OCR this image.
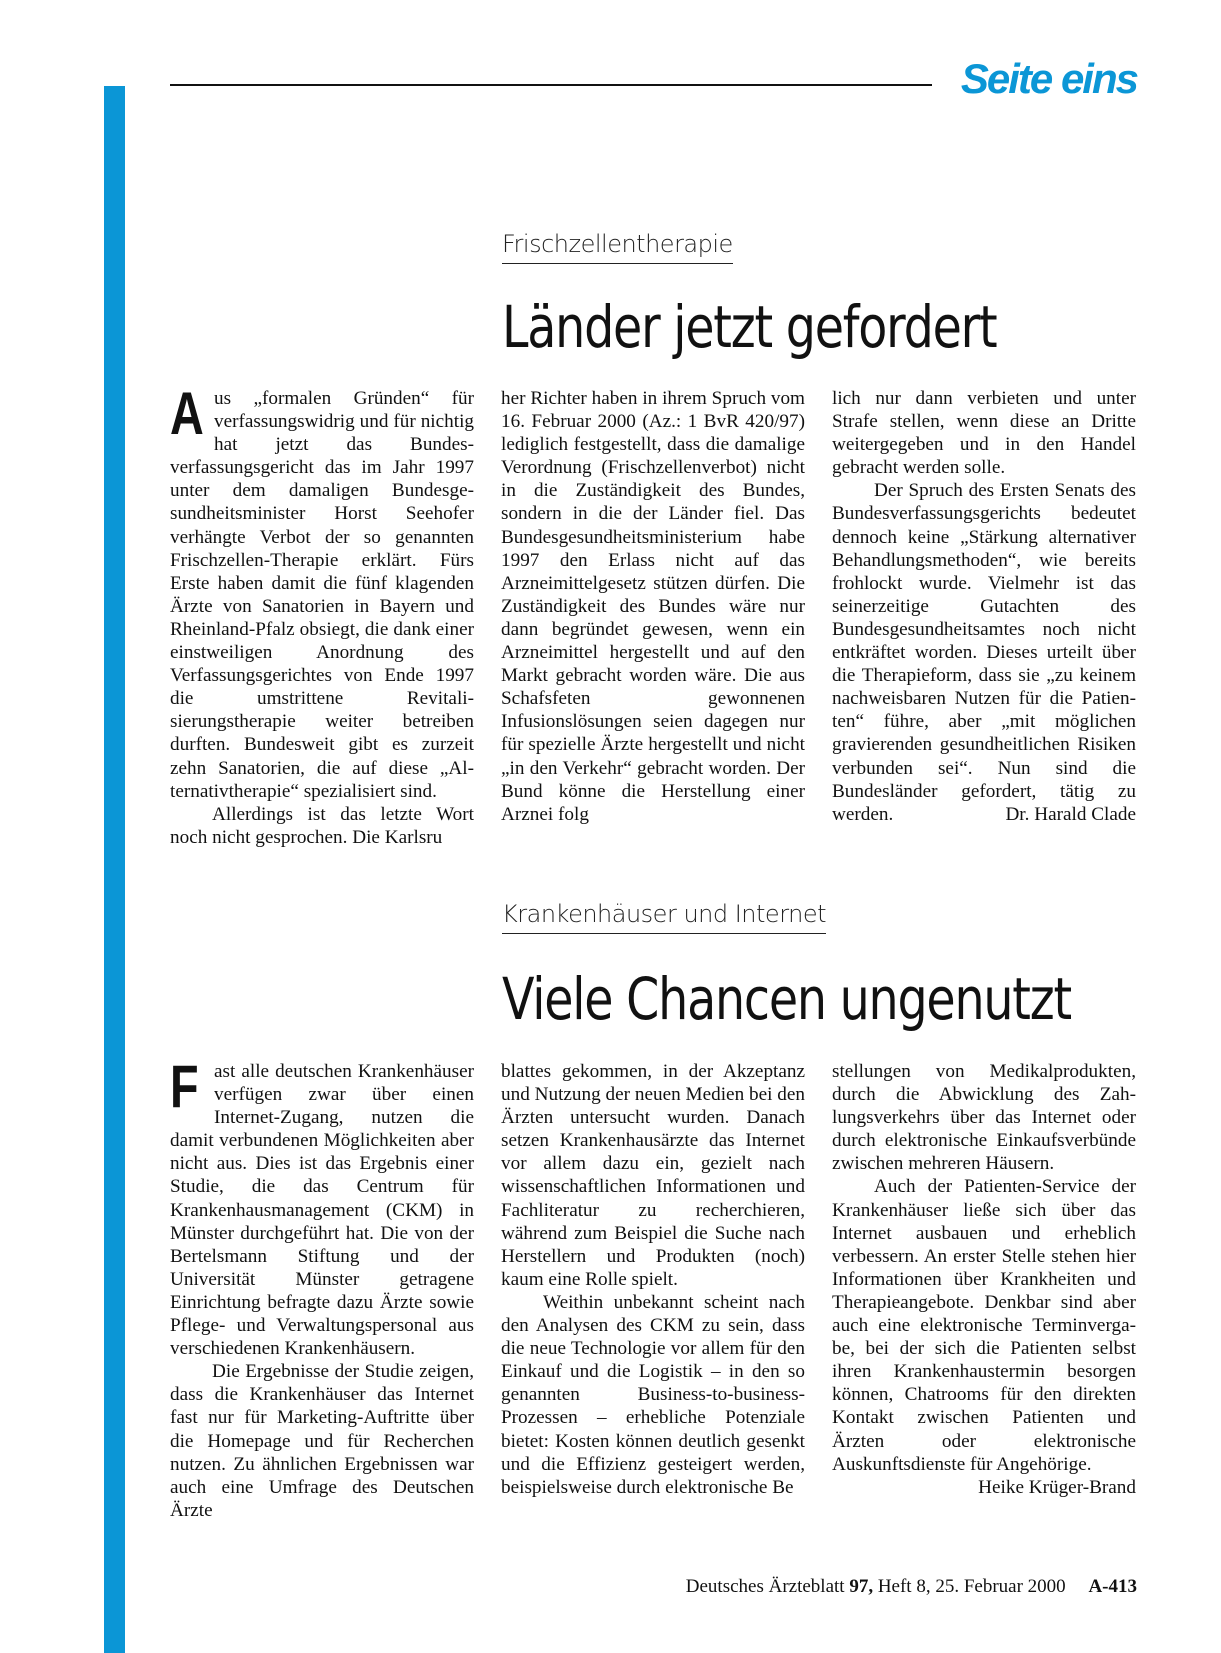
Seite eins
Frischzellentherapie
Länder jetzt gefordert

Aus „formalen Gründen“ für verfassungswidrig und für nichtig hat jetzt das Bundesverfassungsgericht das im Jahr 1997 unter dem damaligen Bundesgesundheitsminister Horst Seehofer verhängte Verbot der so genannten Frischzellen-Therapie erklärt. Fürs Erste haben damit die fünf klagenden Ärzte von Sanatorien in Bayern und Rheinland-Pfalz obsiegt, die dank einer einstweiligen Anordnung des Verfassungsgerichtes von Ende 1997 die umstrittene Revitalisierungstherapie weiter betreiben durften. Bundesweit gibt es zurzeit zehn Sanatorien, die auf diese „Alternativtherapie“ spezialisiert sind.

Allerdings ist das letzte Wort noch nicht gesprochen. Die Karlsru

her Richter haben in ihrem Spruch vom 16. Februar 2000 (Az.: 1 BvR 420/97) lediglich festgestellt, dass die damalige Verordnung (Frischzellenverbot) nicht in die Zuständigkeit des Bundes, sondern in die der Länder fiel. Das Bundesgesundheitsministerium habe 1997 den Erlass nicht auf das Arzneimittelgesetz stützen dürfen. Die Zuständigkeit des Bundes wäre nur dann begründet gewesen, wenn ein Arzneimittel hergestellt und auf den Markt gebracht worden wäre. Die aus Schafsfeten gewonnenen Infusionslösungen seien dagegen nur für spezielle Ärzte hergestellt und nicht „in den Verkehr“ gebracht worden. Der Bund könne die Herstellung einer Arznei folg

lich nur dann verbieten und unter Strafe stellen, wenn diese an Dritte weitergegeben und in den Handel gebracht werden solle.

Der Spruch des Ersten Senats des Bundesverfassungsgerichts bedeutet dennoch keine „Stärkung alternativer Behandlungsmethoden“, wie bereits frohlockt wurde. Vielmehr ist das seinerzeitige Gutachten des Bundesgesundheitsamtes noch nicht entkräftet worden. Dieses urteilt über die Therapieform, dass sie „zu keinem nachweisbaren Nutzen für die Patienten“ führe, aber „mit möglichen gravierenden gesundheitlichen Risiken verbunden sei“. Nun sind die Bundesländer gefordert, tätig zu werden.	Dr. Harald Clade

Krankenhäuser und Internet
Viele Chancen ungenutzt

Fast alle deutschen Krankenhäuser verfügen zwar über einen Internet-Zugang, nutzen die damit verbundenen Möglichkeiten aber nicht aus. Dies ist das Ergebnis einer Studie, die das Centrum für Krankenhausmanagement (CKM) in Münster durchgeführt hat. Die von der Bertelsmann Stiftung und der Universität Münster getragene Einrichtung befragte dazu Ärzte sowie Pflege- und Verwaltungspersonal aus verschiedenen Krankenhäusern.

Die Ergebnisse der Studie zeigen, dass die Krankenhäuser das Internet fast nur für Marketing-Auftritte über die Homepage und für Recherchen nutzen. Zu ähnlichen Ergebnissen war auch eine Umfrage des Deutschen Ärzte

blattes gekommen, in der Akzeptanz und Nutzung der neuen Medien bei den Ärzten untersucht wurden. Danach setzen Krankenhausärzte das Internet vor allem dazu ein, gezielt nach wissenschaftlichen Informationen und Fachliteratur zu recherchieren, während zum Beispiel die Suche nach Herstellern und Produkten (noch) kaum eine Rolle spielt.

Weithin unbekannt scheint nach den Analysen des CKM zu sein, dass die neue Technologie vor allem für den Einkauf und die Logistik – in den so genannten Business-to-business-Prozessen – erhebliche Potenziale bietet: Kosten können deutlich gesenkt und die Effizienz gesteigert werden, beispielsweise durch elektronische Be

stellungen von Medikalprodukten, durch die Abwicklung des Zahlungsverkehrs über das Internet oder durch elektronische Einkaufsverbünde zwischen mehreren Häusern.

Auch der Patienten-Service der Krankenhäuser ließe sich über das Internet ausbauen und erheblich verbessern. An erster Stelle stehen hier Informationen über Krankheiten und Therapieangebote. Denkbar sind aber auch eine elektronische Terminvergabe, bei der sich die Patienten selbst ihren Krankenhaustermin besorgen können, Chatrooms für den direkten Kontakt zwischen Patienten und Ärzten oder elektronische Auskunftsdienste für Angehörige.
Heike Krüger-Brand

Deutsches Ärzteblatt 97, Heft 8, 25. Februar 2000 A-413
